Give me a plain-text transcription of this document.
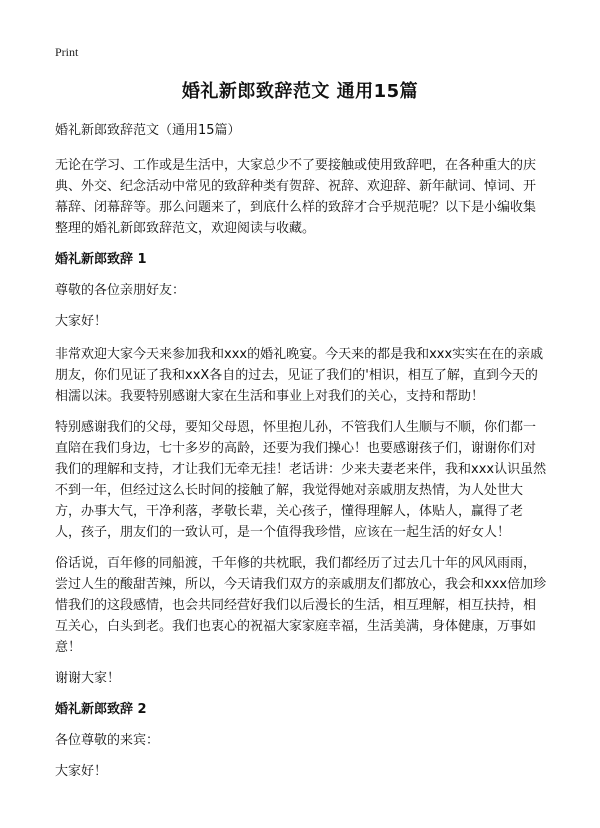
Print
婚礼新郎致辞范文 通用15篇

婚礼新郎致辞范文（通用15篇）

无论在学习、工作或是生活中，大家总少不了要接触或使用致辞吧，在各种重大的庆典、外交、纪念活动中常见的致辞种类有贺辞、祝辞、欢迎辞、新年献词、悼词、开幕辞、闭幕辞等。那么问题来了，到底什么样的致辞才合乎规范呢？以下是小编收集整理的婚礼新郎致辞范文，欢迎阅读与收藏。

婚礼新郎致辞 1

尊敬的各位亲朋好友：

大家好！

非常欢迎大家今天来参加我和xxx的婚礼晚宴。今天来的都是我和xxx实实在在的亲戚朋友，你们见证了我和xxX各自的过去，见证了我们的'相识，相互了解，直到今天的相濡以沫。我要特别感谢大家在生活和事业上对我们的关心，支持和帮助！

特别感谢我们的父母，要知父母恩，怀里抱儿孙，不管我们人生顺与不顺，你们都一直陪在我们身边，七十多岁的高龄，还要为我们操心！也要感谢孩子们，谢谢你们对我们的理解和支持，才让我们无牵无挂！老话讲：少来夫妻老来伴，我和xxx认识虽然不到一年，但经过这么长时间的接触了解，我觉得她对亲戚朋友热情，为人处世大方，办事大气，干净利落，孝敬长辈，关心孩子，懂得理解人，体贴人，赢得了老人，孩子，朋友们的一致认可，是一个值得我珍惜，应该在一起生活的好女人！

俗话说，百年修的同船渡，千年修的共枕眠，我们都经历了过去几十年的风风雨雨，尝过人生的酸甜苦辣，所以，今天请我们双方的亲戚朋友们都放心，我会和xxx倍加珍惜我们的这段感情，也会共同经营好我们以后漫长的生活，相互理解，相互扶持，相互关心，白头到老。我们也衷心的祝福大家家庭幸福，生活美满，身体健康，万事如意！

谢谢大家！

婚礼新郎致辞 2

各位尊敬的来宾：

大家好！
